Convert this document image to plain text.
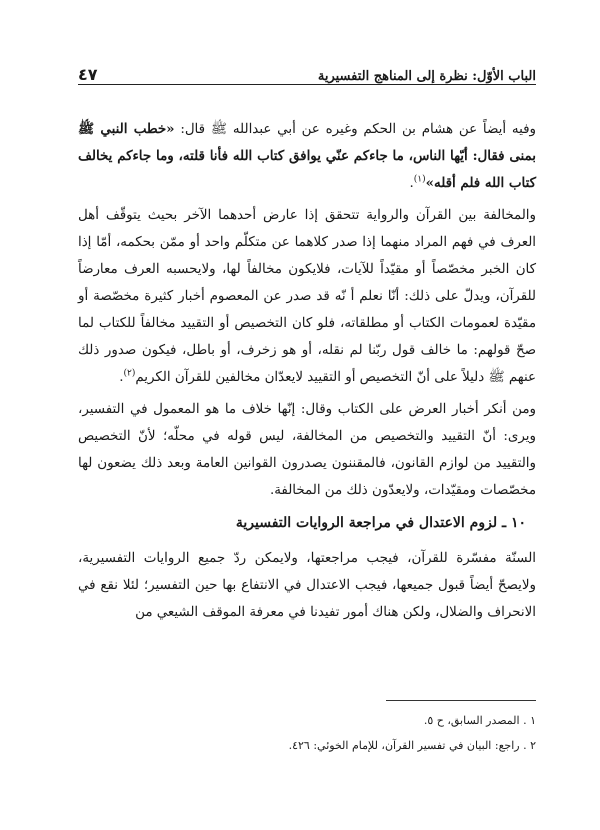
الباب الأوّل: نظرة إلى المناهج التفسيرية
٤٧

وفيه أيضاً عن هشام بن الحكم وغيره عن أبي عبدالله ﷺ قال: «خطب النبي ﷺ بمنى فقال: أيّها الناس، ما جاءكم عنّي يوافق كتاب الله فأنا قلته، وما جاءكم يخالف كتاب الله فلم أقله»$^{(١)}$.

والمخالفة بين القرآن والرواية تتحقق إذا عارض أحدهما الآخر بحيث يتوقّف أهل العرف في فهم المراد منهما إذا صدر كلاهما عن متكلّم واحد أو ممّن بحكمه، أمّا إذا كان الخبر مخصّصاً أو مقيّداً للآيات، فلايكون مخالفاً لها، ولايحسبه العرف معارضاً للقرآن، ويدلّ على ذلك: أنّا نعلم أ نّه قد صدر عن المعصوم أخبار كثيرة مخصّصة أو مقيّدة لعمومات الكتاب أو مطلقاته، فلو كان التخصيص أو التقييد مخالفاً للكتاب لما صحّ قولهم: ما خالف قول ربّنا لم نقله، أو هو زخرف، أو باطل، فيكون صدور ذلك عنهم ﷺ دليلاً على أنّ التخصيص أو التقييد لايعدّان مخالفين للقرآن الكريم$^{(٢)}$.

ومن أنكر أخبار العرض على الكتاب وقال: إنّها خلاف ما هو المعمول في التفسير، ويرى: أنّ التقييد والتخصيص من المخالفة، ليس قوله في محلّه؛ لأنّ التخصيص والتقييد من لوازم القانون، فالمقننون يصدرون القوانين العامة وبعد ذلك يضعون لها مخصّصات ومقيّدات، ولايعدّون ذلك من المخالفة.

١٠ ـ لزوم الاعتدال في مراجعة الروايات التفسيرية

السنّة مفسّرة للقرآن، فيجب مراجعتها، ولايمكن ردّ جميع الروايات التفسيرية، ولايصحّ أيضاً قبول جميعها، فيجب الاعتدال في الانتفاع بها حين التفسير؛ لئلا نقع في الانحراف والضلال، ولكن هناك أمور تفيدنا في معرفة الموقف الشيعي من

١ . المصدر السابق، ح ٥.
٢ . راجع: البيان في تفسير القرآن، للإمام الخوئي: ٤٢٦.
